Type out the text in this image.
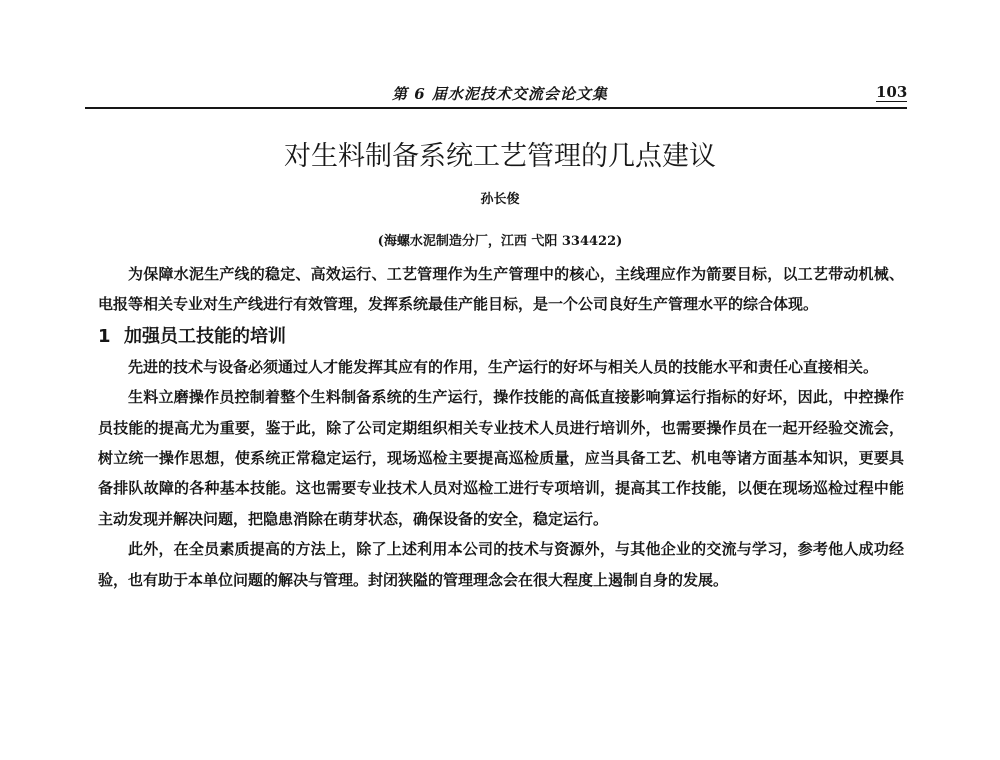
第 6 届水泥技术交流会论文集	103
对生料制备系统工艺管理的几点建议
孙长俊
(海螺水泥制造分厂，江西 弋阳 334422)

为保障水泥生产线的稳定、高效运行、工艺管理作为生产管理中的核心，主线理应作为箭要目标，以工艺带动机械、电报等相关专业对生产线进行有效管理，发挥系统最佳产能目标，是一个公司良好生产管理水平的综合体现。

1 加强员工技能的培训

先进的技术与设备必须通过人才能发挥其应有的作用，生产运行的好坏与相关人员的技能水平和责任心直接相关。

生料立磨操作员控制着整个生料制备系统的生产运行，操作技能的高低直接影响算运行指标的好坏，因此，中控操作员技能的提高尤为重要，鉴于此，除了公司定期组织相关专业技术人员进行培训外，也需要操作员在一起开经验交流会，树立统一操作思想，使系统正常稳定运行，现场巡检主要提高巡检质量，应当具备工艺、机电等诸方面基本知识，更要具备排队故障的各种基本技能。这也需要专业技术人员对巡检工进行专项培训，提高其工作技能，以便在现场巡检过程中能主动发现并解决问题，把隐患消除在萌芽状态，确保设备的安全，稳定运行。

此外，在全员素质提高的方法上，除了上述利用本公司的技术与资源外，与其他企业的交流与学习，参考他人成功经验，也有助于本单位问题的解决与管理。封闭狭隘的管理理念会在很大程度上遏制自身的发展。
